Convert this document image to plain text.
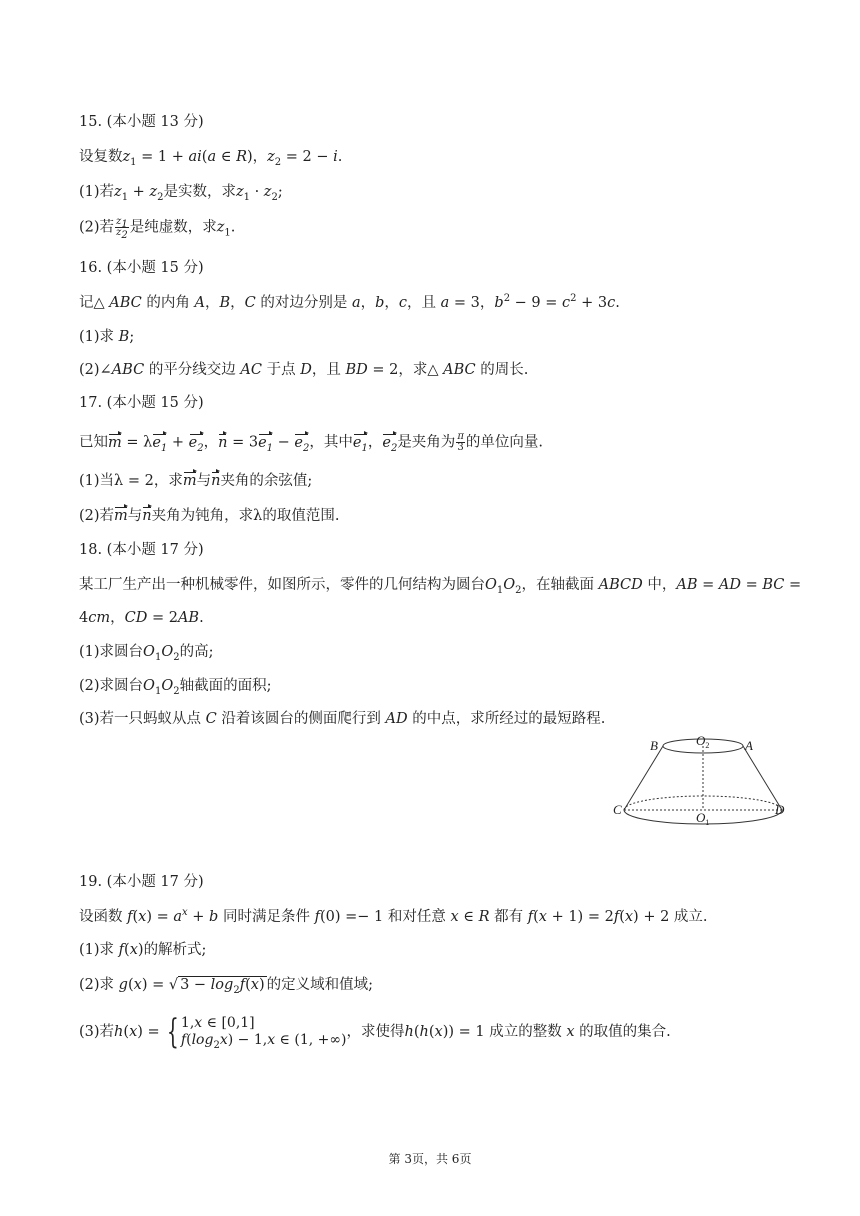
15. (本小题 13 分)
设复数$z_1 = 1 + ai(a$ ∈ R)，$z_2 = 2 - i$.
(1)若$z_1 + z_2$是实数，求$z_1 \cdot z_2$;
(2)若 $\frac{z_1}{z_2}$ 是纯虚数，求$z_1$.
16. (本小题 15 分)
记△ ABC 的内角 A，B，C 的对边分别是 a，b，c，且 a = 3，$b^2 - 9 = c^2 + 3c$.
(1)求 B;
(2)∠ABC 的平分线交边 AC 于点 D，且 BD = 2，求△ ABC 的周长.
17. (本小题 15 分)
已知$m = \lambda e_1 + e_2$，$n = 3e_1 - e_2$，其中$e_1$，$e_2$是夹角为 $\frac{\pi}{3}$ 的单位向量.
(1)当λ = 2，求m与n夹角的余弦值;
(2)若m与n夹角为钝角，求λ的取值范围.
18. (本小题 17 分)
某工厂生产出一种机械零件，如图所示，零件的几何结构为圆台$O_1O_2$，在轴截面 ABCD 中，AB = AD = BC =
4cm，CD = 2AB.
(1)求圆台$O_1O_2$的高;
(2)求圆台$O_1O_2$轴截面的面积;
(3)若一只蚂蚁从点 C 沿着该圆台的侧面爬行到 AD 的中点，求所经过的最短路程.
B	A
$O_2$
C	D
$O_1$
19. (本小题 17 分)
设函数 $f(x) = a^x + b$ 同时满足条件 f(0) =− 1 和对任意 x ∈ R 都有 f(x + 1) = 2f(x) + 2 成立.
(1)求 f(x)的解析式;
(2)求 g(x) = √ $3 - \log_2f(x)$ 的定义域和值域;
(3)若h(x) = { 1,x ∈ [0,1]
$f(\log_2x) - 1,x$ ∈ (1, +∞) ，求使得h(h(x)) = 1 成立的整数 x 的取值的集合.
第 3页，共 6页
